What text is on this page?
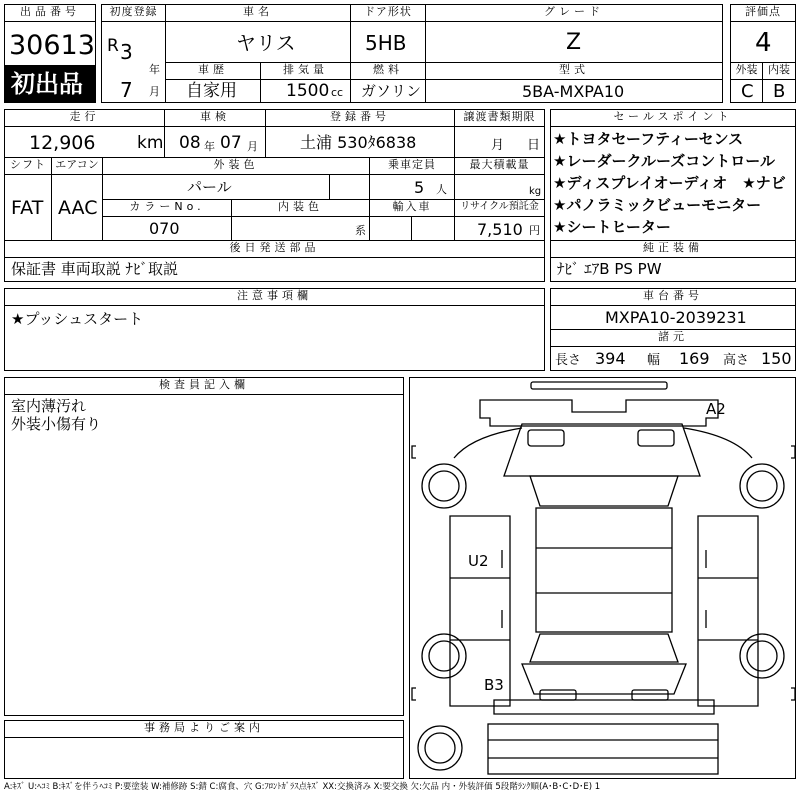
出品番号
30613
初出品
初度登録
R 3
年
7 月
車名
ヤリス
ドア形状
5HB
グレード
Z
評価点
4
車歴
自家用
排気量
1500 cc
燃料
ガソリン
型式
5BA-MXPA10
外装 内装
C B
走行
12,906 km
車検
08 年 07 月
登録番号
土浦 530ﾀ6838
譲渡書類期限
月 日
シフト
FAT
エアコン
AAC
外装色
パール
乗車定員
5 人
最大積載量
kg
カラーNo.
070
内装色
系
輸入車	リサイクル預託金
7,510 円
セールスポイント
★トヨタセーフティーセンス
★レーダークルーズコントロール
★ディスプレイオーディオ　★ナビ
★パノラミックビューモニター
★シートヒーター
後日発送部品
保証書 車両取説 ﾅﾋﾞ取説
純正装備
ﾅﾋﾞ ｴｱB PS PW
注意事項欄
★プッシュスタート
車台番号
MXPA10-2039231
諸元
長さ 394 幅 169 高さ 150
検査員記入欄
室内薄汚れ
外装小傷有り
事務局よりご案内
A2
U2
B3
A:ｷｽﾞ U:ﾍｺﾐ B:ｷｽﾞを伴うﾍｺﾐ P:要塗装 W:補修跡 S:錆 C:腐食、穴 G:ﾌﾛﾝﾄｶﾞﾗｽ点ｷｽﾞ XX:交換済み X:要交換 欠:欠品 内・外装評価 5段階ﾗﾝｸ順(A･B･C･D･E) 1
